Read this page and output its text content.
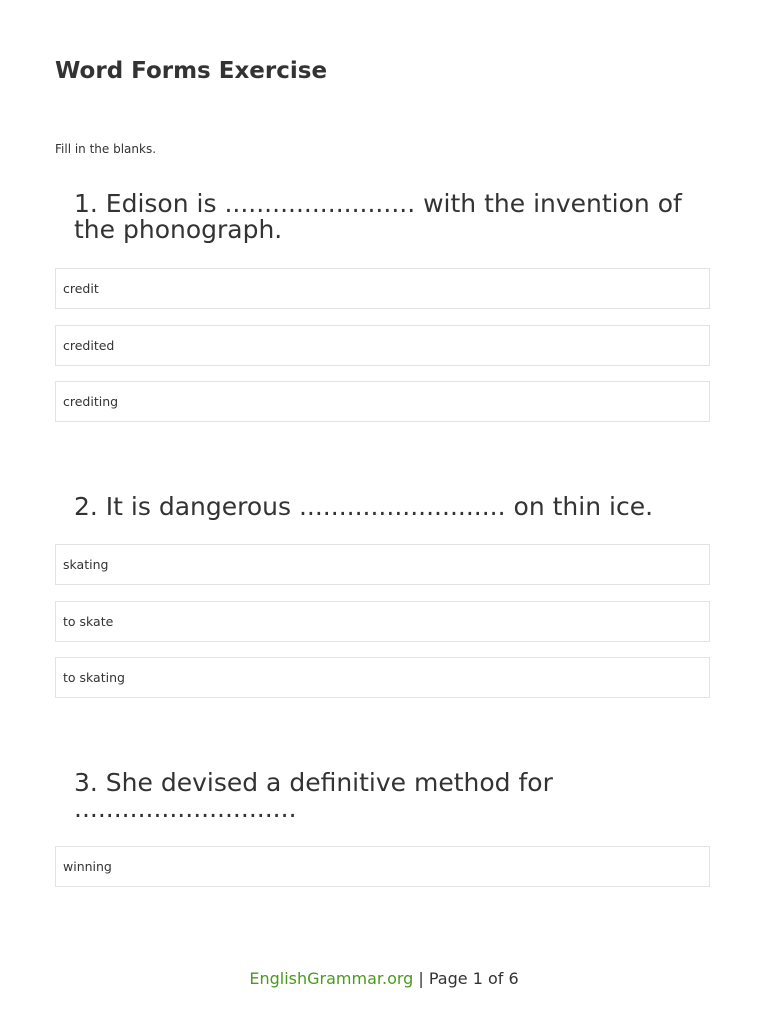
Word Forms Exercise

Fill in the blanks.

1. Edison is ........................ with the invention of the phonograph.
credit
credited
crediting
2. It is dangerous .......................... on thin ice.
skating
to skate
to skating
3. She devised a definitive method for ............................
winning
EnglishGrammar.org | Page 1 of 6
